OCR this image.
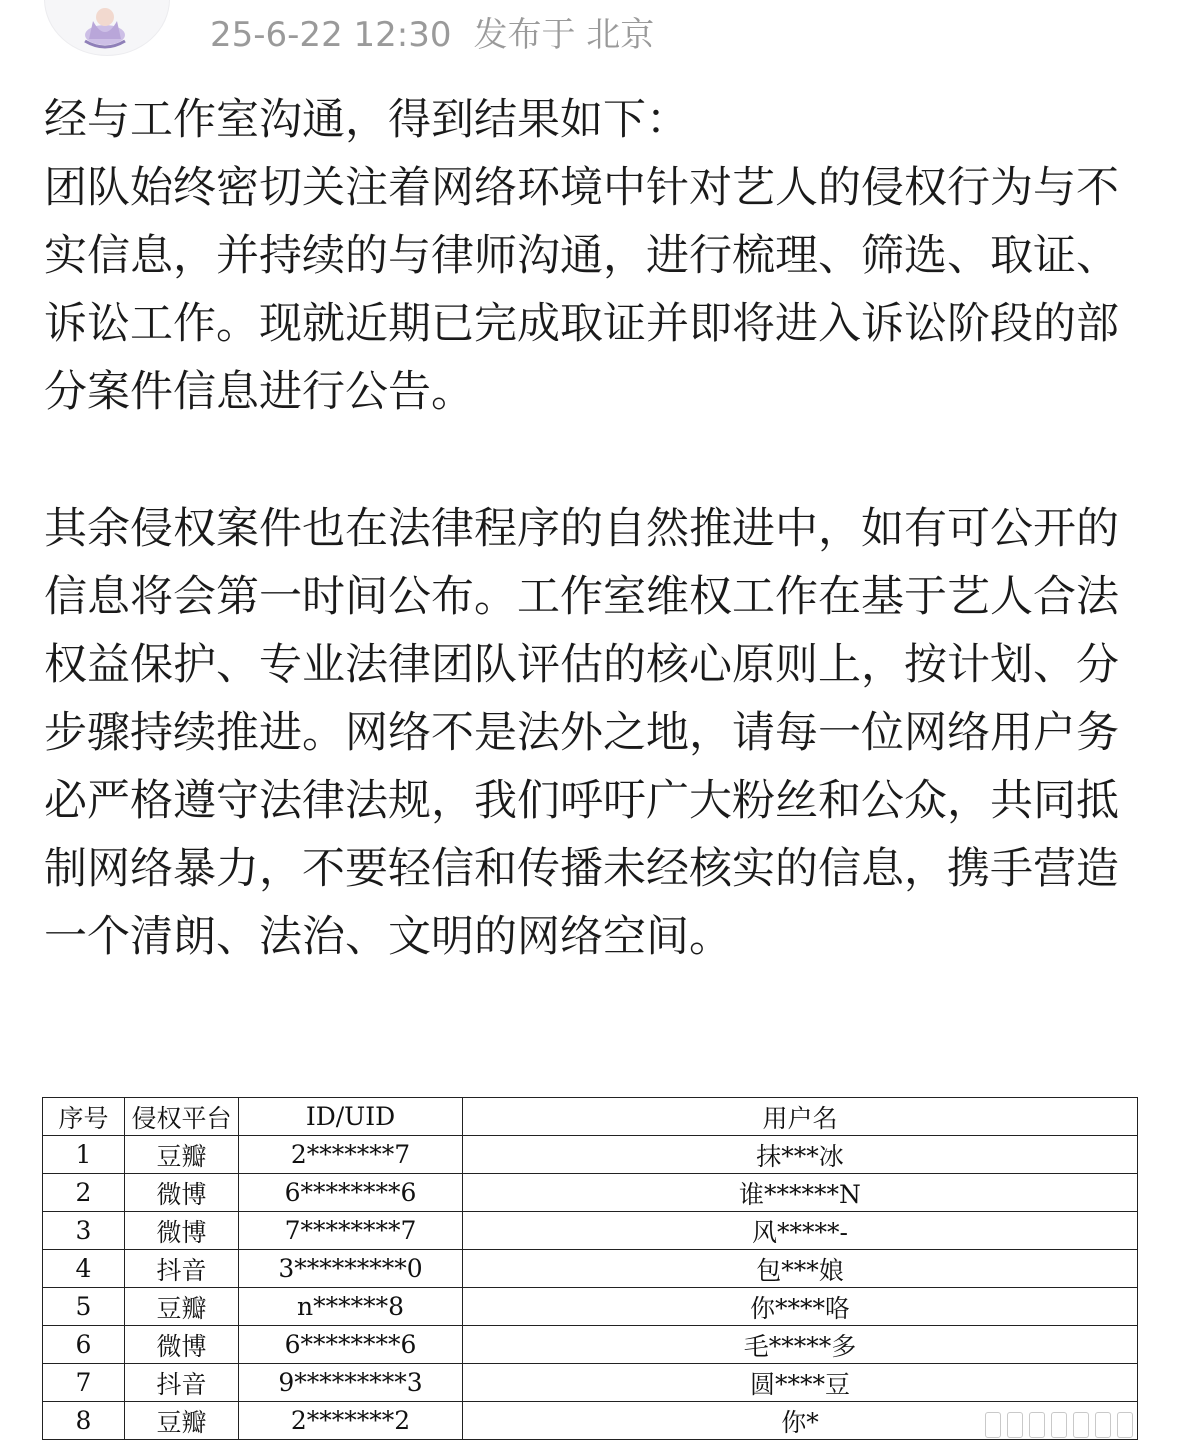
25-6-22 12:30 发布于 北京

经与工作室沟通，得到结果如下：
团队始终密切关注着网络环境中针对艺人的侵权行为与不实信息，并持续的与律师沟通，进行梳理、筛选、取证、诉讼工作。现就近期已完成取证并即将进入诉讼阶段的部分案件信息进行公告。

其余侵权案件也在法律程序的自然推进中，如有可公开的信息将会第一时间公布。工作室维权工作在基于艺人合法权益保护、专业法律团队评估的核心原则上，按计划、分步骤持续推进。网络不是法外之地，请每一位网络用户务必严格遵守法律法规，我们呼吁广大粉丝和公众，共同抵制网络暴力，不要轻信和传播未经核实的信息，携手营造一个清朗、法治、文明的网络空间。

序号	侵权平台	ID/UID	用户名
1	豆瓣	2*******7	抹***冰
2	微博	6********6	谁******N
3	微博	7********7	风*****-
4	抖音	3*********0	包***娘
5	豆瓣	n******8	你****咯
6	微博	6********6	毛*****多
7	抖音	9*********3	圆****豆
8	豆瓣	2*******2	你*
